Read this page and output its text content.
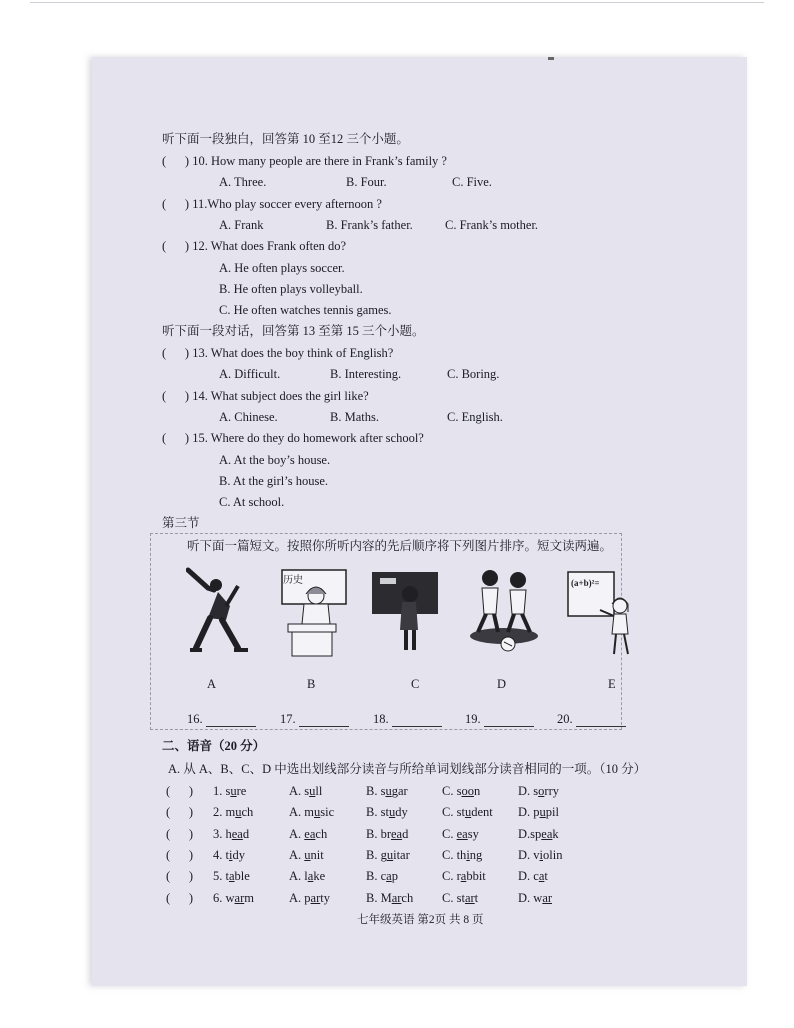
听下面一段独白，回答第 10 至12 三个小题。
(      ) 10. How many people are there in Frank’s family ?
A. Three.	B. Four.	C. Five.
(      ) 11.Who play soccer every afternoon ?
A. Frank	B. Frank’s father.	C. Frank’s mother.
(      ) 12. What does Frank often do?
A. He often plays soccer.
B. He often plays volleyball.
C. He often watches tennis games.
听下面一段对话，回答第 13 至第 15 三个小题。
(      ) 13. What does the boy think of English?
A. Difficult.	B. Interesting.	C. Boring.
(      ) 14. What subject does the girl like?
A. Chinese.	B. Maths.	C. English.
(      ) 15. Where do they do homework after school?
A. At the boy’s house.
B. At the girl’s house.
C. At school.
第三节
听下面一篇短文。按照你所听内容的先后顺序将下列图片排序。短文读两遍。
A
历史
B	C	D
(a+b)²=
E
16.	17.	18.	19.	20.
二、语音（20 分）
A. 从 A、B、C、D 中选出划线部分读音与所给单词划线部分读音相同的一项。（10 分）
(      ) 1. sure	A. sull	B. sugar	C. soon	D. sorry
(      ) 2. much	A. music	B. study	C. student D. pupil
(      ) 3. head	A. each	B. bread	C. easy	D.speak
(      ) 4. tidy	A. unit	B. guitar	C. thing	D. violin
(      ) 5. table	A. lake	B. cap	C. rabbit	D. cat
(      ) 6. warm	A. party	B. March C. start	D. war
七年级英语 第2页 共 8 页
